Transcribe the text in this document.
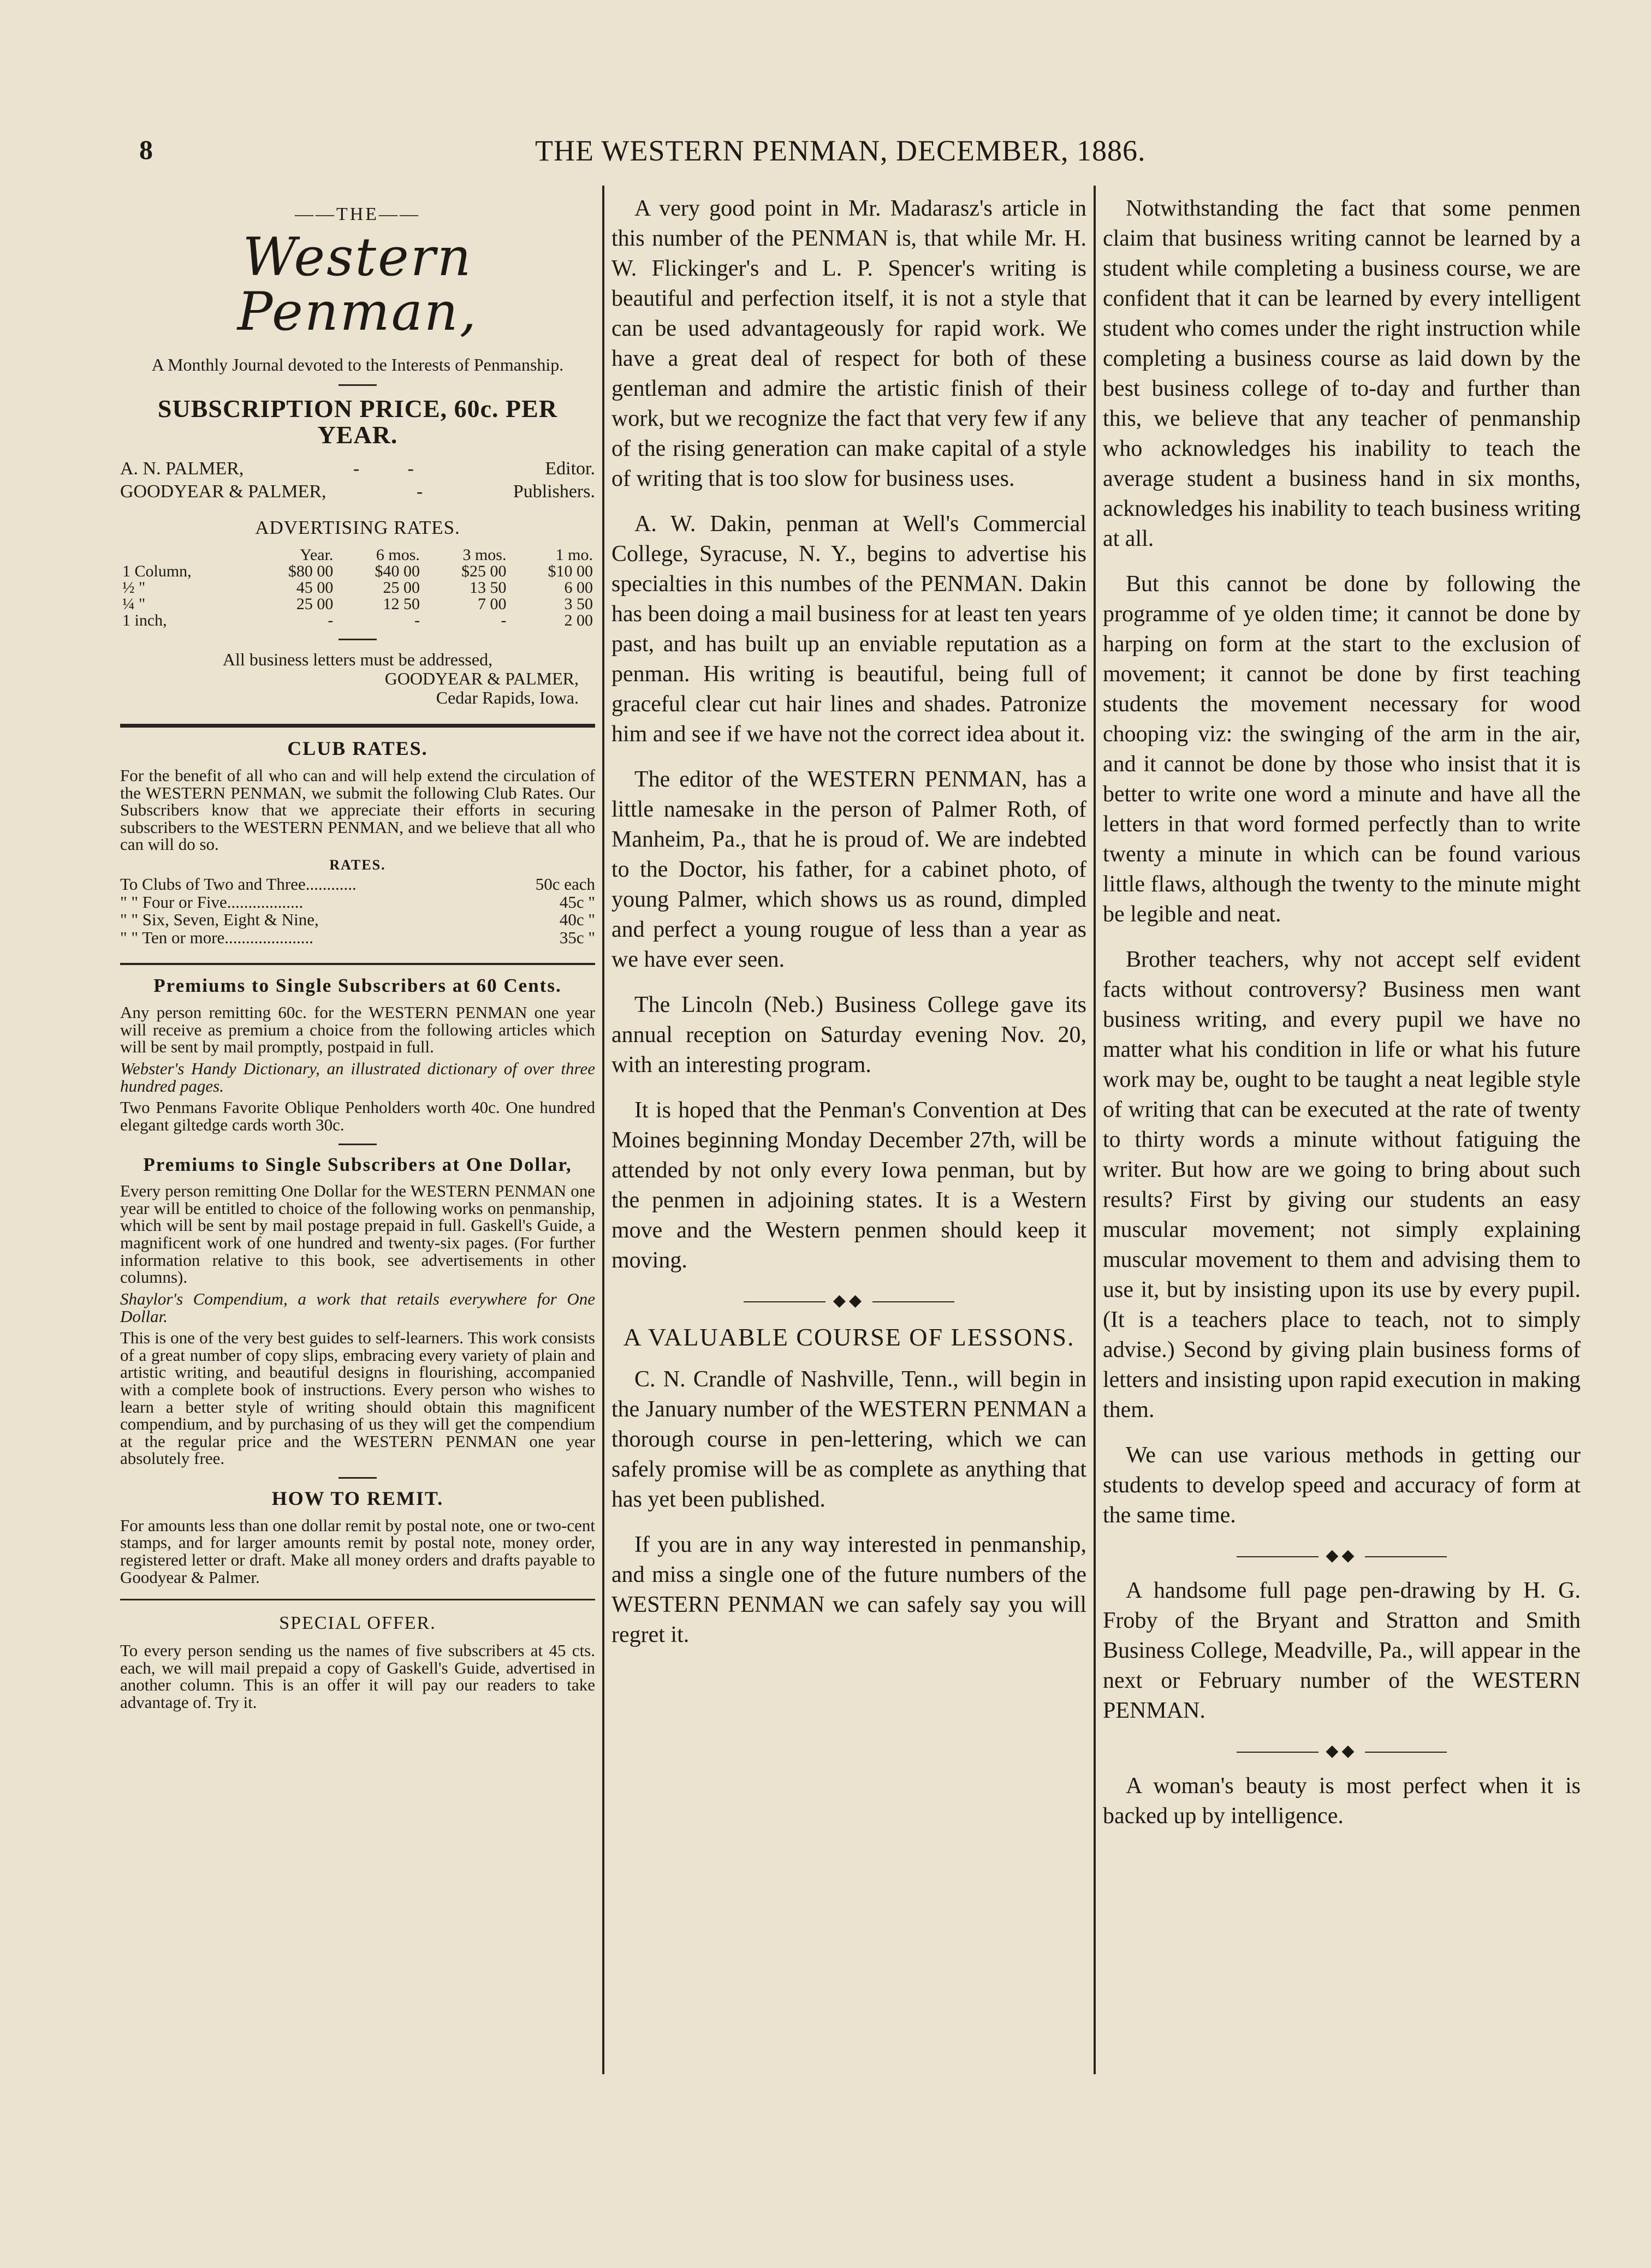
8	THE WESTERN PENMAN, DECEMBER, 1886.
——THE——
Western Penman,
A Monthly Journal devoted to the Interests of Penmanship.
SUBSCRIPTION PRICE, 60c. PER YEAR.
A. N. PALMER,	- -	Editor.
GOODYEAR & PALMER,	-	Publishers.
ADVERTISING RATES.
	Year.	6 mos.	3 mos.	1 mo.
1 Column,	$80 00	$40 00	$25 00	$10 00
½ "	45 00	25 00	13 50	6 00
¼ "	25 00	12 50	7 00	3 50
1 inch,	-	-	-	2 00
All business letters must be addressed,
GOODYEAR & PALMER,
Cedar Rapids, Iowa.
CLUB RATES.
For the benefit of all who can and will help extend the circulation of the WESTERN PENMAN, we submit the following Club Rates. Our Subscribers know that we appreciate their efforts in securing subscribers to the WESTERN PENMAN, and we believe that all who can will do so.
RATES.
To Clubs of Two and Three............	50c each
" " Four or Five..................	45c "
" " Six, Seven, Eight & Nine,	40c "
" " Ten or more.....................	35c "
Premiums to Single Subscribers at 60 Cents.
Any person remitting 60c. for the WESTERN PENMAN one year will receive as premium a choice from the following articles which will be sent by mail promptly, postpaid in full.
Webster's Handy Dictionary, an illustrated dictionary of over three hundred pages.
Two Penmans Favorite Oblique Penholders worth 40c. One hundred elegant giltedge cards worth 30c.
Premiums to Single Subscribers at One Dollar,
Every person remitting One Dollar for the WESTERN PENMAN one year will be entitled to choice of the following works on penmanship, which will be sent by mail postage prepaid in full. Gaskell's Guide, a magnificent work of one hundred and twenty-six pages. (For further information relative to this book, see advertisements in other columns).
Shaylor's Compendium, a work that retails everywhere for One Dollar.
This is one of the very best guides to self-learners. This work consists of a great number of copy slips, embracing every variety of plain and artistic writing, and beautiful designs in flourishing, accompanied with a complete book of instructions. Every person who wishes to learn a better style of writing should obtain this magnificent compendium, and by purchasing of us they will get the compendium at the regular price and the WESTERN PENMAN one year absolutely free.
HOW TO REMIT.
For amounts less than one dollar remit by postal note, one or two-cent stamps, and for larger amounts remit by postal note, money order, registered letter or draft. Make all money orders and drafts payable to Goodyear & Palmer.
SPECIAL OFFER.
To every person sending us the names of five subscribers at 45 cts. each, we will mail prepaid a copy of Gaskell's Guide, advertised in another column. This is an offer it will pay our readers to take advantage of. Try it.

A very good point in Mr. Madarasz's article in this number of the PENMAN is, that while Mr. H. W. Flickinger's and L. P. Spencer's writing is beautiful and perfection itself, it is not a style that can be used advantageously for rapid work. We have a great deal of respect for both of these gentleman and admire the artistic finish of their work, but we recognize the fact that very few if any of the rising generation can make capital of a style of writing that is too slow for business uses.

A. W. Dakin, penman at Well's Commercial College, Syracuse, N. Y., begins to advertise his specialties in this numbes of the PENMAN. Dakin has been doing a mail business for at least ten years past, and has built up an enviable reputation as a penman. His writing is beautiful, being full of graceful clear cut hair lines and shades. Patronize him and see if we have not the correct idea about it.

The editor of the WESTERN PENMAN, has a little namesake in the person of Palmer Roth, of Manheim, Pa., that he is proud of. We are indebted to the Doctor, his father, for a cabinet photo, of young Palmer, which shows us as round, dimpled and perfect a young rougue of less than a year as we have ever seen.

The Lincoln (Neb.) Business College gave its annual reception on Saturday evening Nov. 20, with an interesting program.

It is hoped that the Penman's Convention at Des Moines beginning Monday December 27th, will be attended by not only every Iowa penman, but by the penmen in adjoining states. It is a Western move and the Western penmen should keep it moving.

◆◆
A VALUABLE COURSE OF LESSONS.

C. N. Crandle of Nashville, Tenn., will begin in the January number of the WESTERN PENMAN a thorough course in pen-lettering, which we can safely promise will be as complete as anything that has yet been published.

If you are in any way interested in penmanship, and miss a single one of the future numbers of the WESTERN PENMAN we can safely say you will regret it.

Notwithstanding the fact that some penmen claim that business writing cannot be learned by a student while completing a business course, we are confident that it can be learned by every intelligent student who comes under the right instruction while completing a business course as laid down by the best business college of to-day and further than this, we believe that any teacher of penmanship who acknowledges his inability to teach the average student a business hand in six months, acknowledges his inability to teach business writing at all.

But this cannot be done by following the programme of ye olden time; it cannot be done by harping on form at the start to the exclusion of movement; it cannot be done by first teaching students the movement necessary for wood chooping viz: the swinging of the arm in the air, and it cannot be done by those who insist that it is better to write one word a minute and have all the letters in that word formed perfectly than to write twenty a minute in which can be found various little flaws, although the twenty to the minute might be legible and neat.

Brother teachers, why not accept self evident facts without controversy? Business men want business writing, and every pupil we have no matter what his condition in life or what his future work may be, ought to be taught a neat legible style of writing that can be executed at the rate of twenty to thirty words a minute without fatiguing the writer. But how are we going to bring about such results? First by giving our students an easy muscular movement; not simply explaining muscular movement to them and advising them to use it, but by insisting upon its use by every pupil. (It is a teachers place to teach, not to simply advise.) Second by giving plain business forms of letters and insisting upon rapid execution in making them.

We can use various methods in getting our students to develop speed and accuracy of form at the same time.

◆◆

A handsome full page pen-drawing by H. G. Froby of the Bryant and Stratton and Smith Business College, Meadville, Pa., will appear in the next or February number of the WESTERN PENMAN.

◆◆

A woman's beauty is most perfect when it is backed up by intelligence.
